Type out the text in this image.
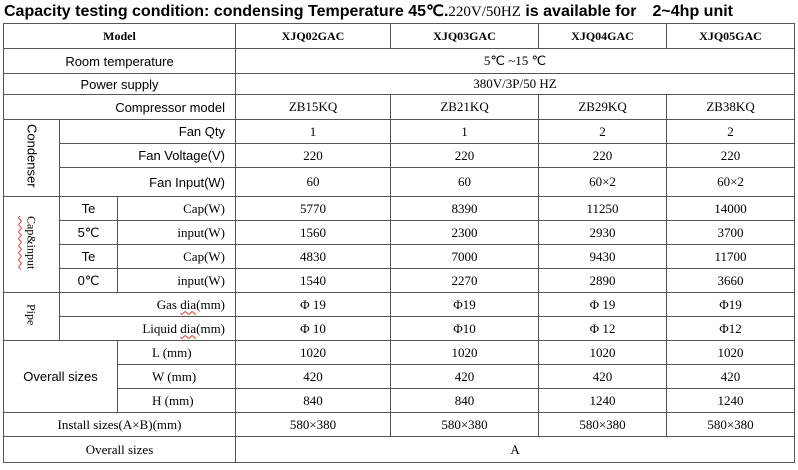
Capacity testing condition: condensing Temperature 45℃.220V/50HZ is available for 2~4hp unit
Model			XJQ02GAC	XJQ03GAC	XJQ04GAC	XJQ05GAC
Room temperature			5℃ ~15 ℃			
Power supply			380V/3P/50 HZ			
Compressor model			ZB15KQ	ZB21KQ	ZB29KQ	ZB38KQ
Condenser	Fan Qty		1	1	2	2
	Fan Voltage(V)		220	220	220	220
	Fan Input(W)		60	60	60×2	60×2
Cap&input	Te	Cap(W)	5770	8390	11250	14000
	5℃	input(W)	1560	2300	2930	3700
	Te	Cap(W)	4830	7000	9430	11700
	0℃	input(W)	1540	2270	2890	3660
Pipe	Gas dia(mm)		Φ 19	Φ19	Φ 19	Φ19
	Liquid dia(mm)		Φ 10	Φ10	Φ 12	Φ12
Overall sizes		L (mm)	1020	1020	1020	1020
		W (mm)	420	420	420	420
		H (mm)	840	840	1240	1240
Install sizes(A×B)(mm)			580×380	580×380	580×380	580×380
Overall sizes			A			
